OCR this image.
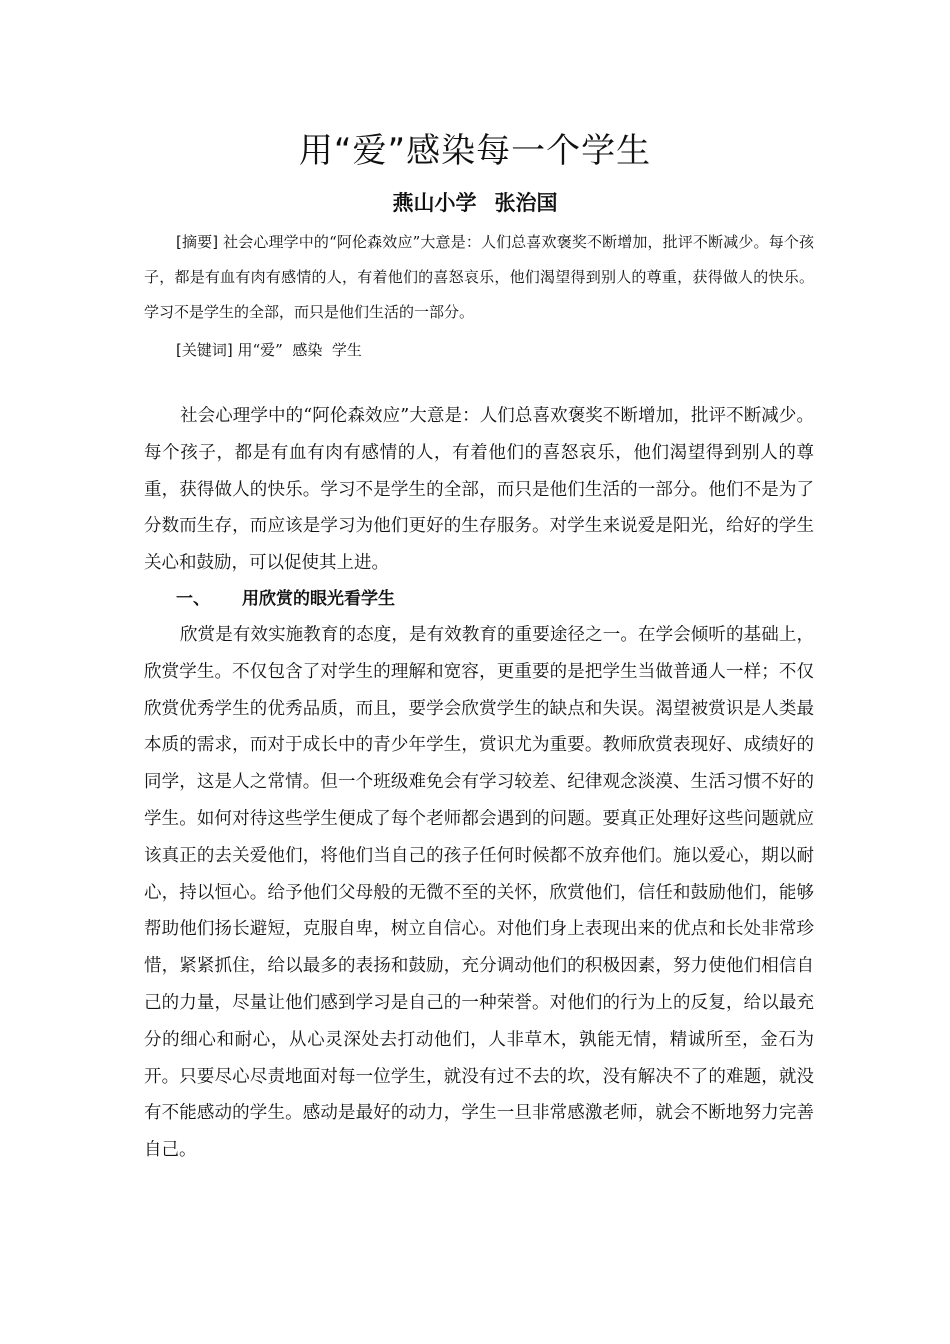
用“爱”感染每一个学生
燕山小学 张治国
[摘要] 社会心理学中的“阿伦森效应”大意是：人们总喜欢褒奖不断增加，批评不断减少。每个孩子，都是有血有肉有感情的人，有着他们的喜怒哀乐，他们渴望得到别人的尊重，获得做人的快乐。学习不是学生的全部，而只是他们生活的一部分。
[关键词] 用“爱”  感染  学生

社会心理学中的“阿伦森效应”大意是：人们总喜欢褒奖不断增加，批评不断减少。每个孩子，都是有血有肉有感情的人，有着他们的喜怒哀乐，他们渴望得到别人的尊重，获得做人的快乐。学习不是学生的全部，而只是他们生活的一部分。他们不是为了分数而生存，而应该是学习为他们更好的生存服务。对学生来说爱是阳光，给好的学生关心和鼓励，可以促使其上进。

一、 用欣赏的眼光看学生

欣赏是有效实施教育的态度，是有效教育的重要途径之一。在学会倾听的基础上，欣赏学生。不仅包含了对学生的理解和宽容，更重要的是把学生当做普通人一样；不仅欣赏优秀学生的优秀品质，而且，要学会欣赏学生的缺点和失误。渴望被赏识是人类最本质的需求，而对于成长中的青少年学生，赏识尤为重要。教师欣赏表现好、成绩好的同学，这是人之常情。但一个班级难免会有学习较差、纪律观念淡漠、生活习惯不好的学生。如何对待这些学生便成了每个老师都会遇到的问题。要真正处理好这些问题就应该真正的去关爱他们，将他们当自己的孩子任何时候都不放弃他们。施以爱心，期以耐心，持以恒心。给予他们父母般的无微不至的关怀，欣赏他们，信任和鼓励他们，能够帮助他们扬长避短，克服自卑，树立自信心。对他们身上表现出来的优点和长处非常珍惜，紧紧抓住，给以最多的表扬和鼓励，充分调动他们的积极因素，努力使他们相信自己的力量，尽量让他们感到学习是自己的一种荣誉。对他们的行为上的反复，给以最充分的细心和耐心，从心灵深处去打动他们，人非草木，孰能无情，精诚所至，金石为开。只要尽心尽责地面对每一位学生，就没有过不去的坎，没有解决不了的难题，就没有不能感动的学生。感动是最好的动力，学生一旦非常感激老师，就会不断地努力完善自己。
